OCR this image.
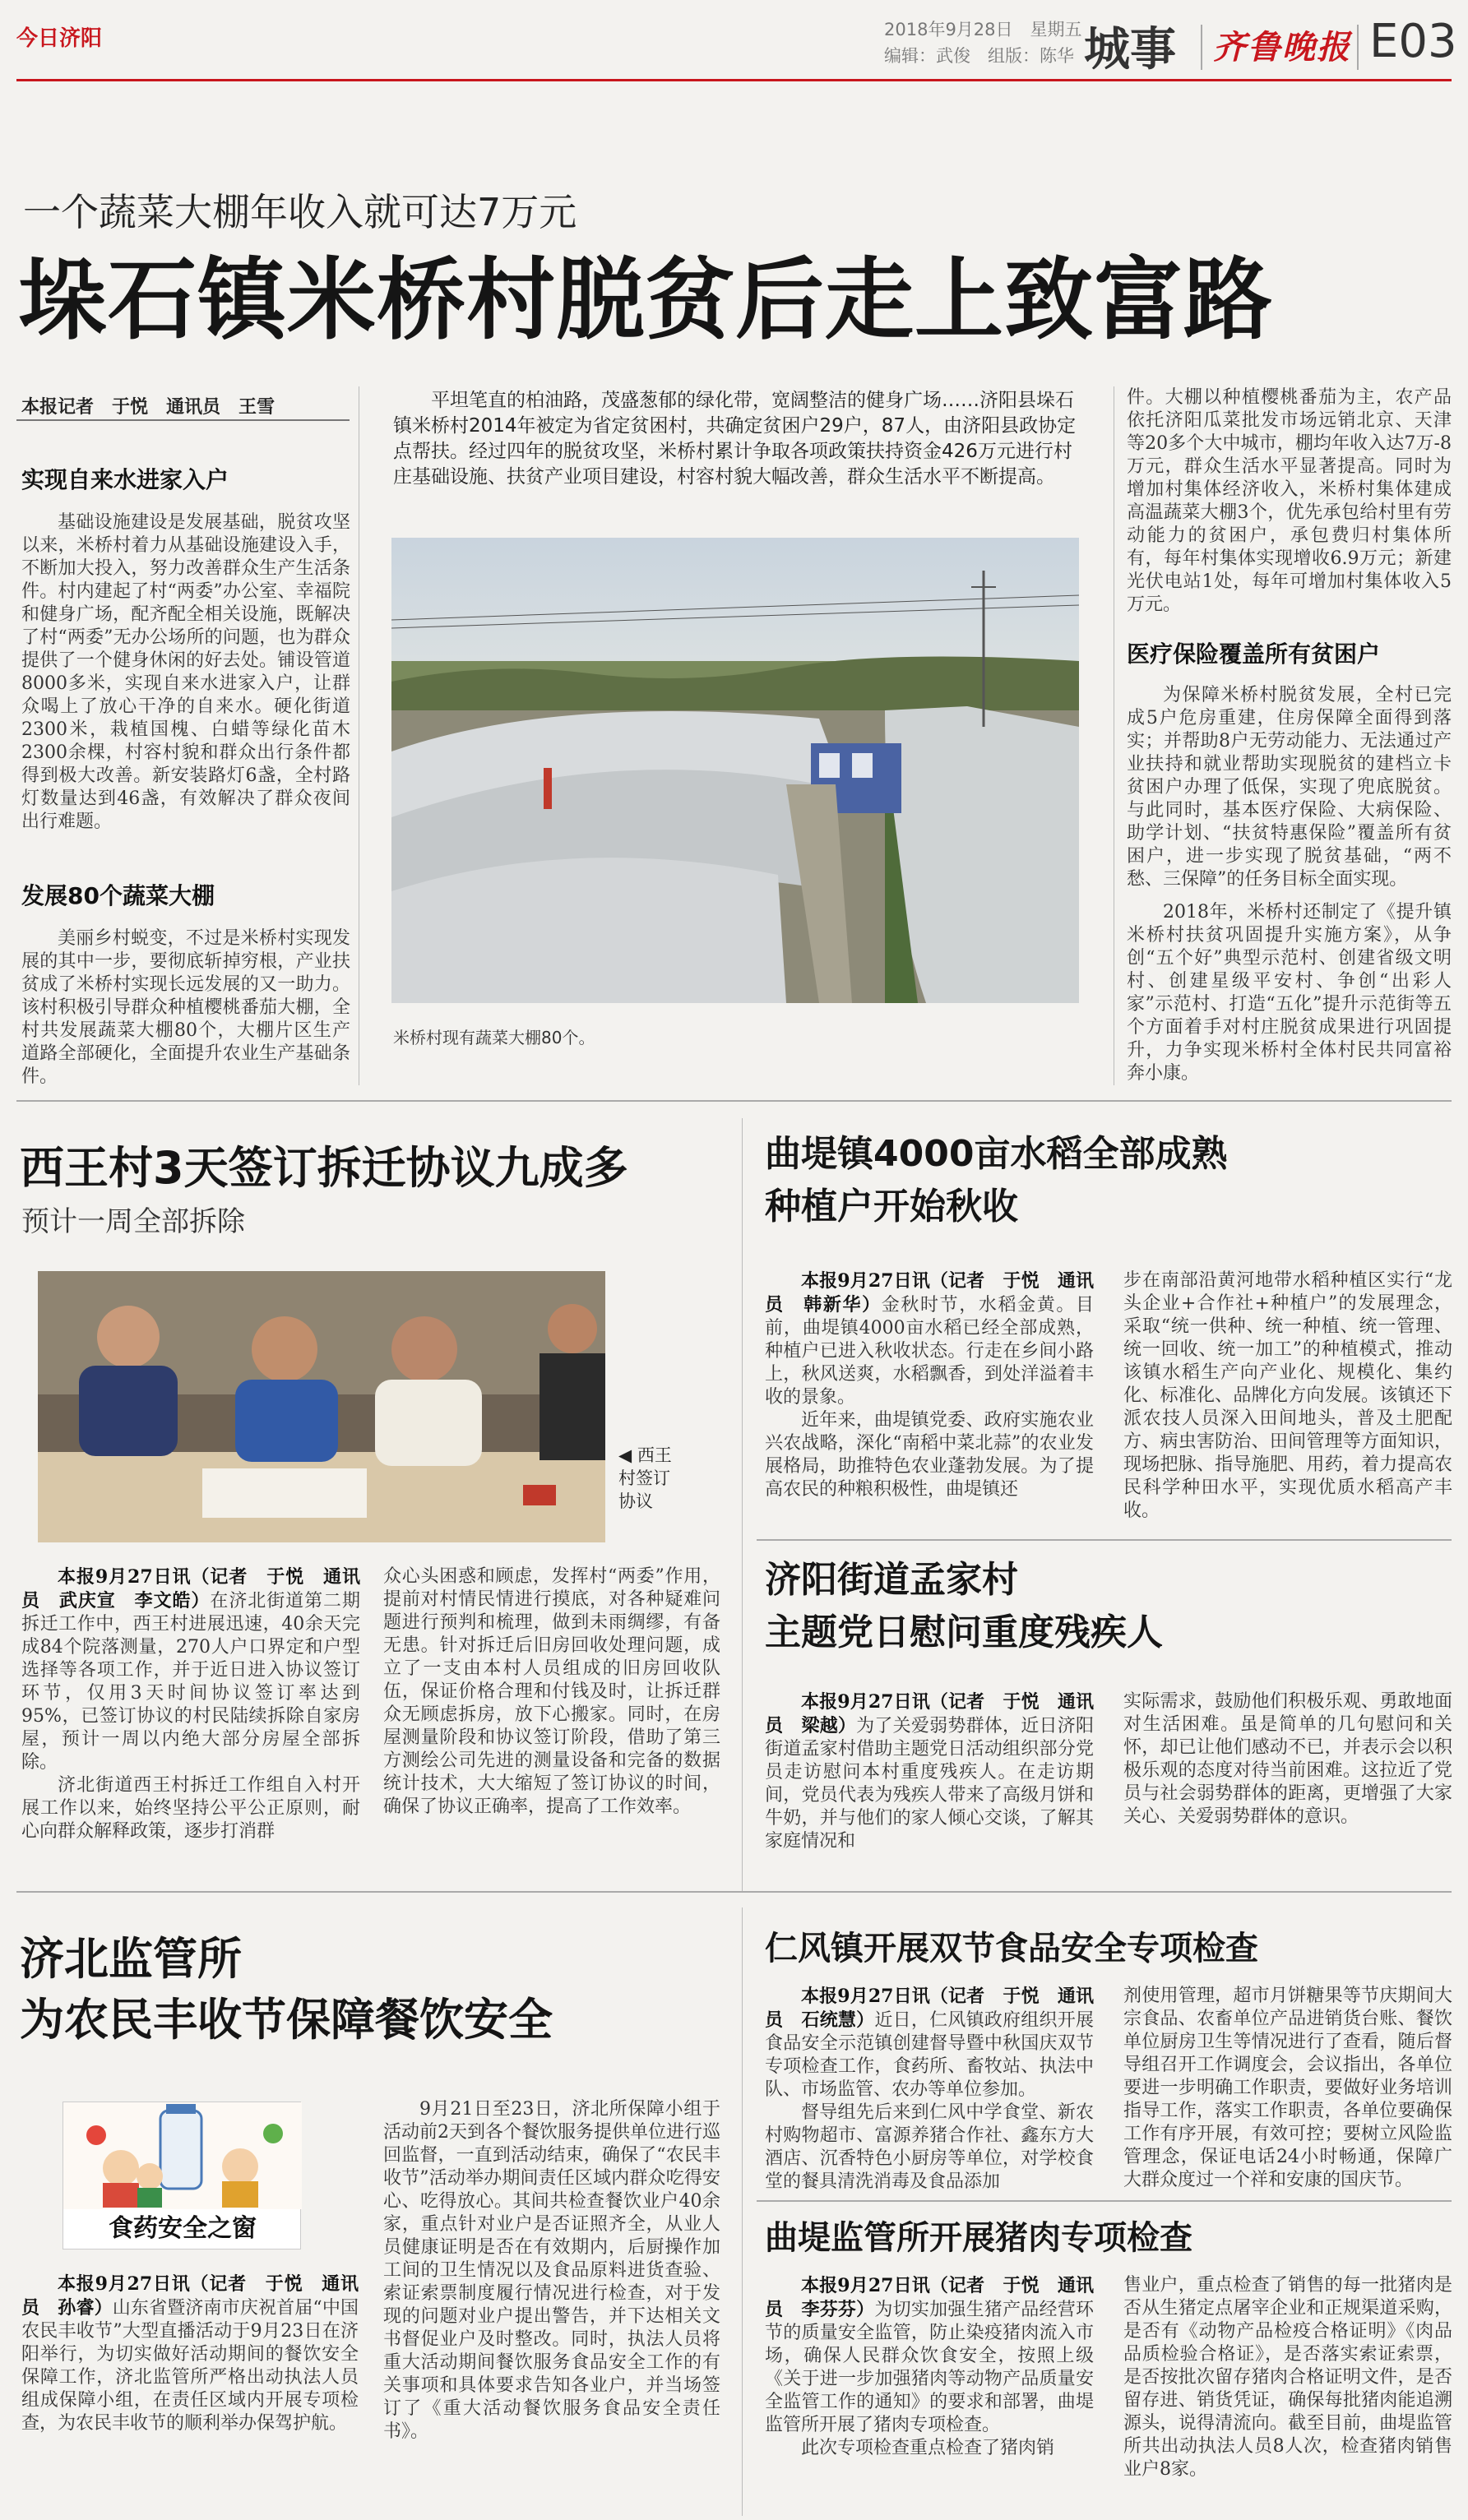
今日济阳	2018年9月28日　星期五
编辑：武俊　组版：陈华 城事 齐鲁晚报 E03
一个蔬菜大棚年收入就可达7万元
垛石镇米桥村脱贫后走上致富路
本报记者　于悦　通讯员　王雪
实现自来水进家入户

基础设施建设是发展基础，脱贫攻坚以来，米桥村着力从基础设施建设入手，不断加大投入，努力改善群众生产生活条件。村内建起了村“两委”办公室、幸福院和健身广场，配齐配全相关设施，既解决了村“两委”无办公场所的问题，也为群众提供了一个健身休闲的好去处。铺设管道8000多米，实现自来水进家入户，让群众喝上了放心干净的自来水。硬化街道2300米，栽植国槐、白蜡等绿化苗木2300余棵，村容村貌和群众出行条件都得到极大改善。新安装路灯6盏，全村路灯数量达到46盏，有效解决了群众夜间出行难题。

发展80个蔬菜大棚

美丽乡村蜕变，不过是米桥村实现发展的其中一步，要彻底斩掉穷根，产业扶贫成了米桥村实现长远发展的又一助力。该村积极引导群众种植樱桃番茄大棚，全村共发展蔬菜大棚80个，大棚片区生产道路全部硬化，全面提升农业生产基础条件。

平坦笔直的柏油路，茂盛葱郁的绿化带，宽阔整洁的健身广场……济阳县垛石镇米桥村2014年被定为省定贫困村，共确定贫困户29户，87人，由济阳县政协定点帮扶。经过四年的脱贫攻坚，米桥村累计争取各项政策扶持资金426万元进行村庄基础设施、扶贫产业项目建设，村容村貌大幅改善，群众生活水平不断提高。

米桥村现有蔬菜大棚80个。

件。大棚以种植樱桃番茄为主，农产品依托济阳瓜菜批发市场远销北京、天津等20多个大中城市，棚均年收入达7万-8万元，群众生活水平显著提高。同时为增加村集体经济收入，米桥村集体建成高温蔬菜大棚3个，优先承包给村里有劳动能力的贫困户，承包费归村集体所有，每年村集体实现增收6.9万元；新建光伏电站1处，每年可增加村集体收入5万元。

医疗保险覆盖所有贫困户

为保障米桥村脱贫发展，全村已完成5户危房重建，住房保障全面得到落实；并帮助8户无劳动能力、无法通过产业扶持和就业帮助实现脱贫的建档立卡贫困户办理了低保，实现了兜底脱贫。与此同时，基本医疗保险、大病保险、助学计划、“扶贫特惠保险”覆盖所有贫困户，进一步实现了脱贫基础，“两不愁、三保障”的任务目标全面实现。

2018年，米桥村还制定了《提升镇米桥村扶贫巩固提升实施方案》，从争创“五个好”典型示范村、创建省级文明村、创建星级平安村、争创“出彩人家”示范村、打造“五化”提升示范街等五个方面着手对村庄脱贫成果进行巩固提升，力争实现米桥村全体村民共同富裕奔小康。

西王村3天签订拆迁协议九成多
预计一周全部拆除
◀ 西王村签订协议

本报9月27日讯（记者　于悦　通讯员　武庆宣　李文皓）在济北街道第二期拆迁工作中，西王村进展迅速，40余天完成84个院落测量，270人户口界定和户型选择等各项工作，并于近日进入协议签订环节，仅用3天时间协议签订率达到95%，已签订协议的村民陆续拆除自家房屋，预计一周以内绝大部分房屋全部拆除。

济北街道西王村拆迁工作组自入村开展工作以来，始终坚持公平公正原则，耐心向群众解释政策，逐步打消群

众心头困惑和顾虑，发挥村“两委”作用，提前对村情民情进行摸底，对各种疑难问题进行预判和梳理，做到未雨绸缪，有备无患。针对拆迁后旧房回收处理问题，成立了一支由本村人员组成的旧房回收队伍，保证价格合理和付钱及时，让拆迁群众无顾虑拆房，放下心搬家。同时，在房屋测量阶段和协议签订阶段，借助了第三方测绘公司先进的测量设备和完备的数据统计技术，大大缩短了签订协议的时间，确保了协议正确率，提高了工作效率。

曲堤镇4000亩水稻全部成熟
种植户开始秋收

本报9月27日讯（记者　于悦　通讯员　韩新华）金秋时节，水稻金黄。目前，曲堤镇4000亩水稻已经全部成熟，种植户已进入秋收状态。行走在乡间小路上，秋风送爽，水稻飘香，到处洋溢着丰收的景象。

近年来，曲堤镇党委、政府实施农业兴农战略，深化“南稻中菜北蒜”的农业发展格局，助推特色农业蓬勃发展。为了提高农民的种粮积极性，曲堤镇还

步在南部沿黄河地带水稻种植区实行“龙头企业+合作社+种植户”的发展理念，采取“统一供种、统一种植、统一管理、统一回收、统一加工”的种植模式，推动该镇水稻生产向产业化、规模化、集约化、标准化、品牌化方向发展。该镇还下派农技人员深入田间地头，普及土肥配方、病虫害防治、田间管理等方面知识，现场把脉、指导施肥、用药，着力提高农民科学种田水平，实现优质水稻高产丰收。

济阳街道孟家村
主题党日慰问重度残疾人

本报9月27日讯（记者　于悦　通讯员　梁越）为了关爱弱势群体，近日济阳街道孟家村借助主题党日活动组织部分党员走访慰问本村重度残疾人。在走访期间，党员代表为残疾人带来了高级月饼和牛奶，并与他们的家人倾心交谈，了解其家庭情况和

实际需求，鼓励他们积极乐观、勇敢地面对生活困难。虽是简单的几句慰问和关怀，却已让他们感动不已，并表示会以积极乐观的态度对待当前困难。这拉近了党员与社会弱势群体的距离，更增强了大家关心、关爱弱势群体的意识。

济北监管所
为农民丰收节保障餐饮安全
食药安全之窗

本报9月27日讯（记者　于悦　通讯员　孙睿）山东省暨济南市庆祝首届“中国农民丰收节”大型直播活动于9月23日在济阳举行，为切实做好活动期间的餐饮安全保障工作，济北监管所严格出动执法人员组成保障小组，在责任区域内开展专项检查，为农民丰收节的顺利举办保驾护航。

9月21日至23日，济北所保障小组于活动前2天到各个餐饮服务提供单位进行巡回监督，一直到活动结束，确保了“农民丰收节”活动举办期间责任区域内群众吃得安心、吃得放心。其间共检查餐饮业户40余家，重点针对业户是否证照齐全，从业人员健康证明是否在有效期内，后厨操作加工间的卫生情况以及食品原料进货查验、索证索票制度履行情况进行检查，对于发现的问题对业户提出警告，并下达相关文书督促业户及时整改。同时，执法人员将重大活动期间餐饮服务食品安全工作的有关事项和具体要求告知各业户，并当场签订了《重大活动餐饮服务食品安全责任书》。

仁风镇开展双节食品安全专项检查

本报9月27日讯（记者　于悦　通讯员　石统慧）近日，仁风镇政府组织开展食品安全示范镇创建督导暨中秋国庆双节专项检查工作，食药所、畜牧站、执法中队、市场监管、农办等单位参加。

督导组先后来到仁风中学食堂、新农村购物超市、富源养猪合作社、鑫东方大酒店、沉香特色小厨房等单位，对学校食堂的餐具清洗消毒及食品添加

剂使用管理，超市月饼糖果等节庆期间大宗食品、农畜单位产品进销货台账、餐饮单位厨房卫生等情况进行了查看，随后督导组召开工作调度会，会议指出，各单位要进一步明确工作职责，要做好业务培训指导工作，落实工作职责，各单位要确保工作有序开展，有效可控；要树立风险监管理念，保证电话24小时畅通，保障广大群众度过一个祥和安康的国庆节。

曲堤监管所开展猪肉专项检查

本报9月27日讯（记者　于悦　通讯员　李芬芬）为切实加强生猪产品经营环节的质量安全监管，防止染疫猪肉流入市场，确保人民群众饮食安全，按照上级《关于进一步加强猪肉等动物产品质量安全监管工作的通知》的要求和部署，曲堤监管所开展了猪肉专项检查。

此次专项检查重点检查了猪肉销

售业户，重点检查了销售的每一批猪肉是否从生猪定点屠宰企业和正规渠道采购，是否有《动物产品检疫合格证明》《肉品品质检验合格证》，是否落实索证索票，是否按批次留存猪肉合格证明文件，是否留存进、销货凭证，确保每批猪肉能追溯源头，说得清流向。截至目前，曲堤监管所共出动执法人员8人次，检查猪肉销售业户8家。
